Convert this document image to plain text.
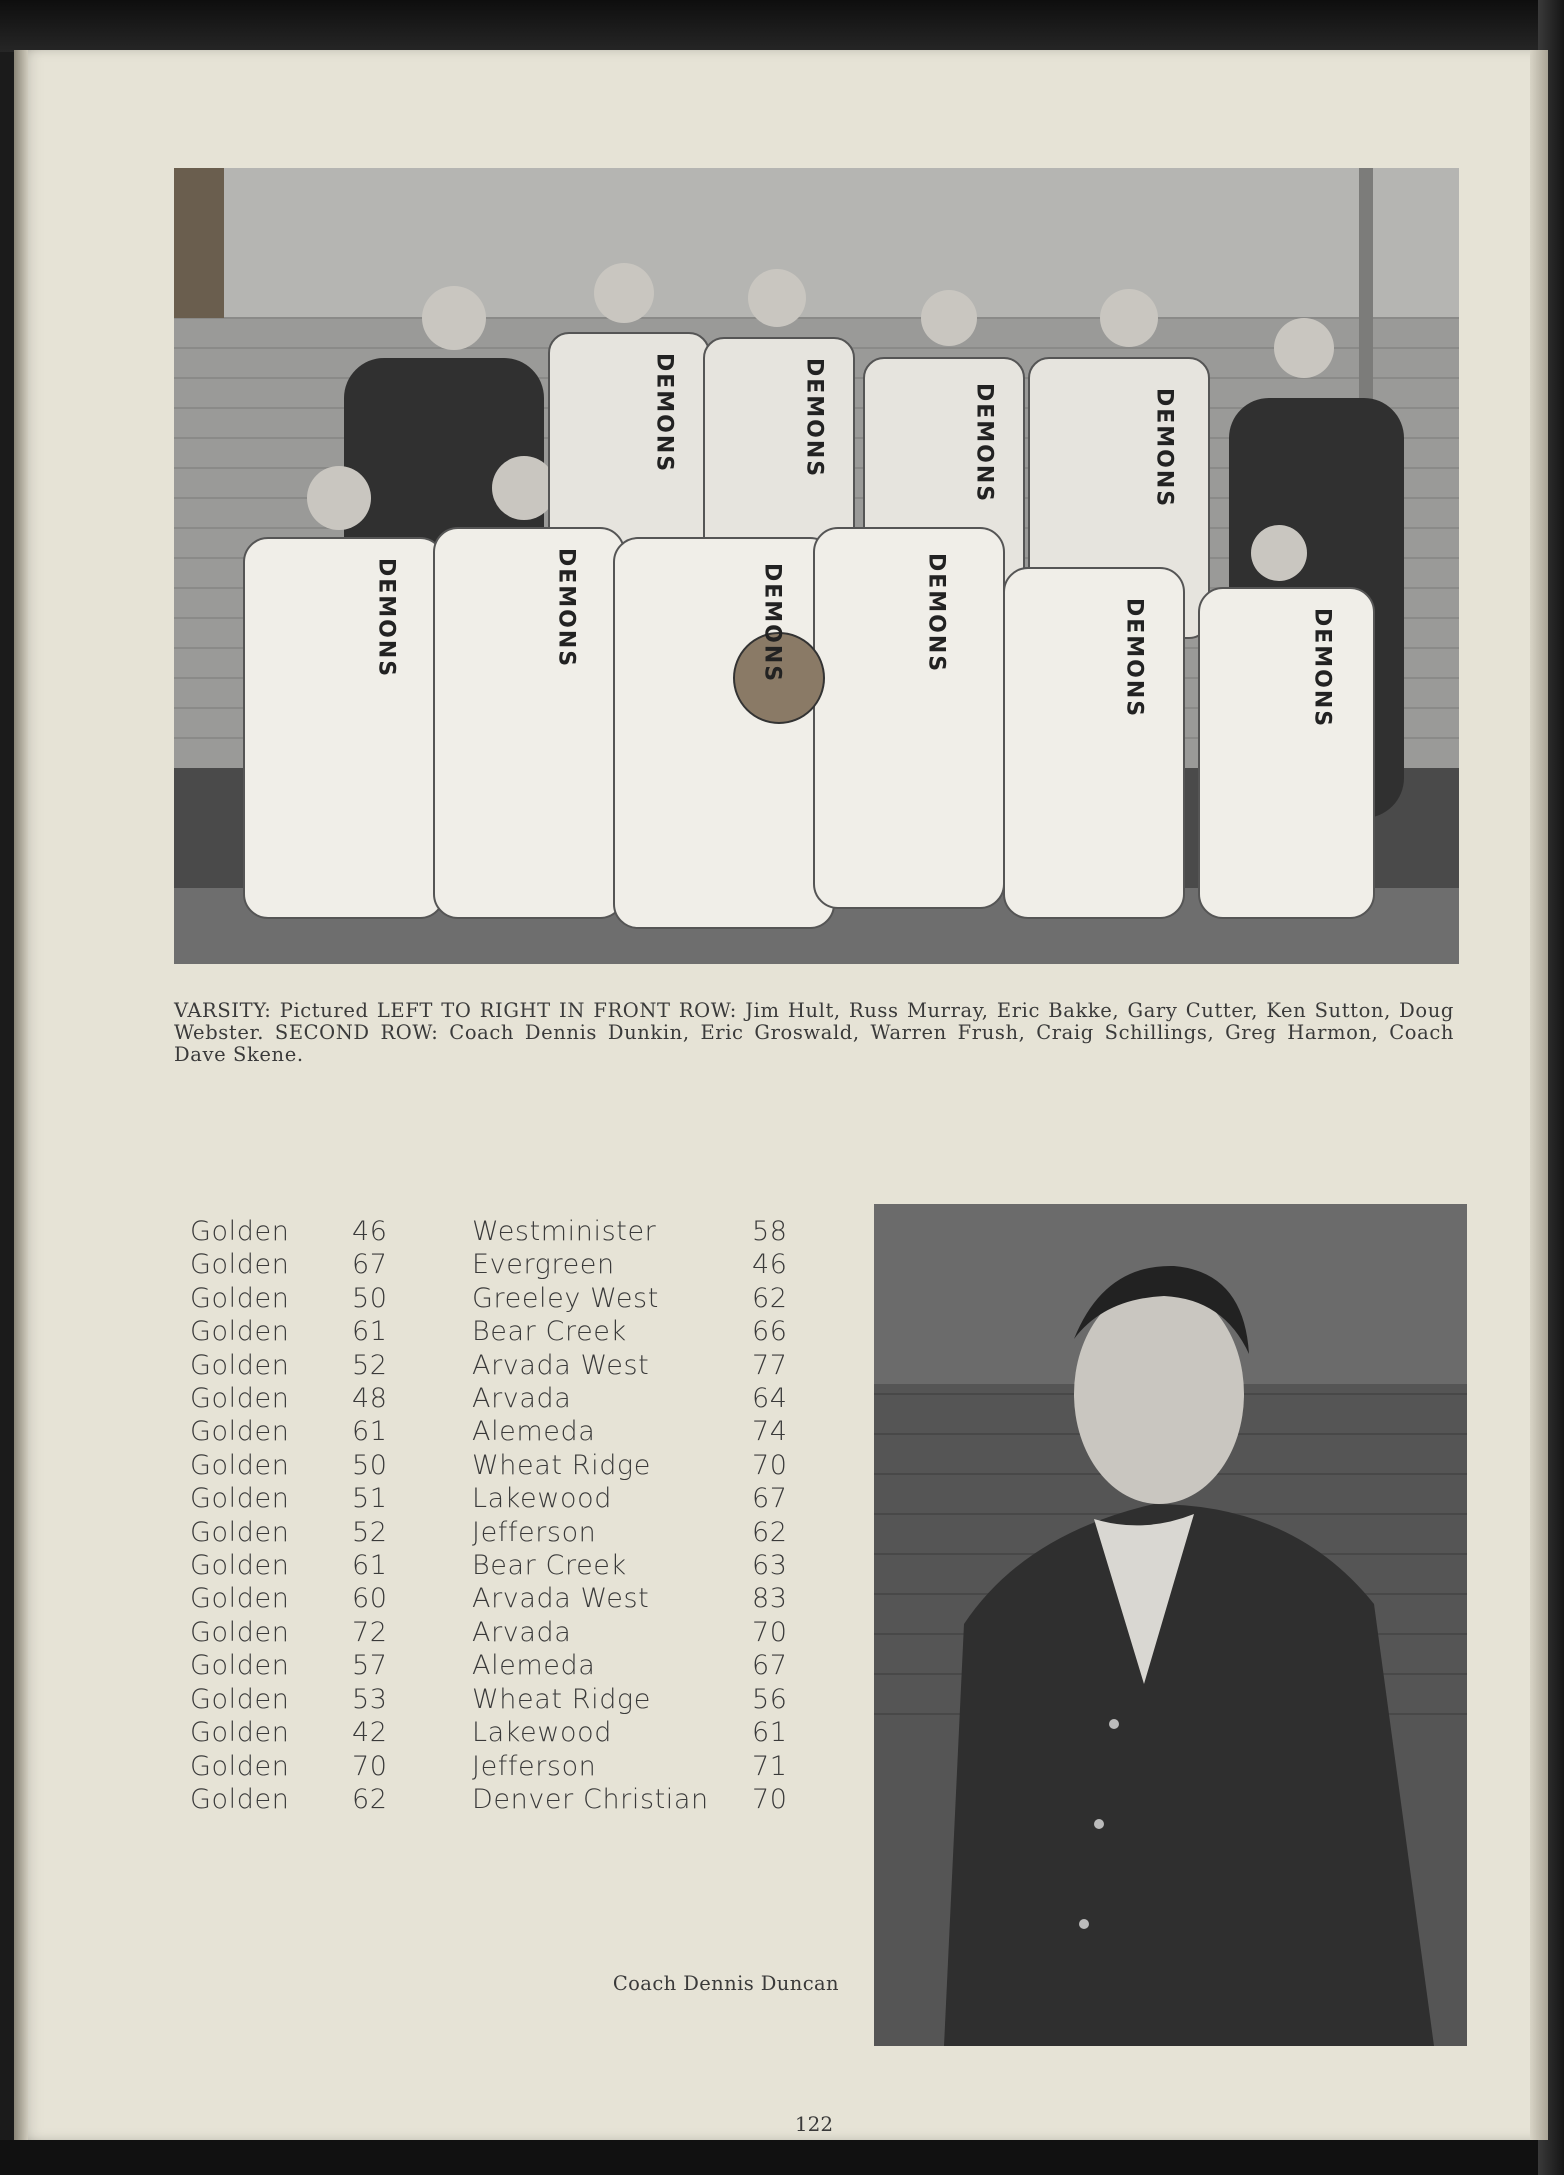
DEMONS	DEMONS	DEMONS	DEMONS
DEMONS	DEMONS	DEMONS	DEMONS	DEMONS	DEMONS
VARSITY: Pictured LEFT TO RIGHT IN FRONT ROW: Jim Hult, Russ Murray, Eric Bakke, Gary Cutter, Ken Sutton, Doug Webster. SECOND ROW: Coach Dennis Dunkin, Eric Groswald, Warren Frush, Craig Schillings, Greg Harmon, Coach Dave Skene.
Golden	46	Westminister	58
Golden	67	Evergreen	46
Golden	50	Greeley West	62
Golden	61	Bear Creek	66
Golden	52	Arvada West	77
Golden	48	Arvada	64
Golden	61	Alemeda	74
Golden	50	Wheat Ridge	70
Golden	51	Lakewood	67
Golden	52	Jefferson	62
Golden	61	Bear Creek	63
Golden	60	Arvada West	83
Golden	72	Arvada	70
Golden	57	Alemeda	67
Golden	53	Wheat Ridge	56
Golden	42	Lakewood	61
Golden	70	Jefferson	71
Golden	62	Denver Christian	70
Coach Dennis Duncan
122
